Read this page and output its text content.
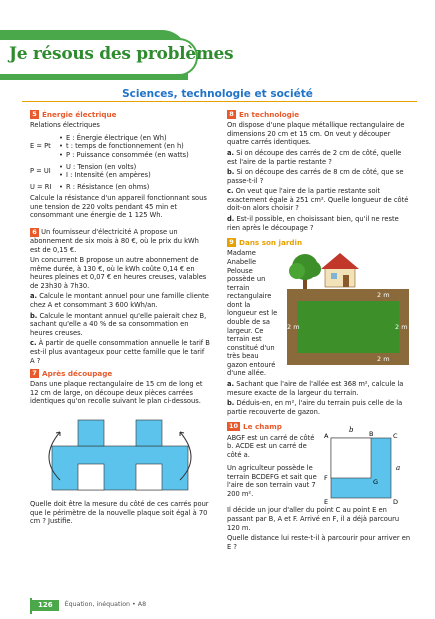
Je résous des problèmes
Sciences, technologie et société
5 Énergie électrique

Relations électriques

E = Pt
• E : Énergie électrique (en Wh)
• t : temps de fonctionnement (en h)
• P : Puissance consommée (en watts)
P = UI
• U : Tension (en volts)
• I : Intensité (en ampères)
U = RI
•	R : Résistance (en ohms)

Calcule la résistance d'un appareil fonctionnant sous une tension de 220 volts pendant 45 min et consommant une énergie de 1 125 Wh.

6 Un fournisseur d'électricité A propose un abonnement de six mois à 80 €, où le prix du kWh est de 0,15 €.

Un concurrent B propose un autre abonnement de même durée, à 130 €, où le kWh coûte 0,14 € en heures pleines et 0,07 € en heures creuses, valables de 23h30 à 7h30.

a. Calcule le montant annuel pour une famille cliente chez A et consommant 3 600 kWh/an.

b. Calcule le montant annuel qu'elle paierait chez B, sachant qu'elle a 40 % de sa consommation en heures creuses.

c. À partir de quelle consommation annuelle le tarif B est-il plus avantageux pour cette famille que le tarif A ?

7 Après découpage

Dans une plaque rectangulaire de 15 cm de long et 12 cm de large, on découpe deux pièces carrées identiques qu'on recolle suivant le plan ci-dessous.

Quelle doit être la mesure du côté de ces carrés pour que le périmètre de la nouvelle plaque soit égal à 70 cm ? Justifie.

8 En technologie

On dispose d'une plaque métallique rectangulaire de dimensions 20 cm et 15 cm. On veut y découper quatre carrés identiques.

a. Si on découpe des carrés de 2 cm de côté, quelle est l'aire de la partie restante ?

b. Si on découpe des carrés de 8 cm de côté, que se passe-t-il ?

c. On veut que l'aire de la partie restante soit exactement égale à 251 cm². Quelle longueur de côté doit-on alors choisir ?

d. Est-il possible, en choisissant bien, qu'il ne reste rien après le découpage ?

9 Dans son jardin

Madame Anabelle Pelouse possède un terrain rectangulaire dont la longueur est le double de sa largeur. Ce terrain est constitué d'un très beau gazon entouré d'une allée.

2 m
2 m	2 m
2 m

a. Sachant que l'aire de l'allée est 368 m², calcule la mesure exacte de la largeur du terrain.

b. Déduis-en, en m², l'aire du terrain puis celle de la partie recouverte de gazon.

10 Le champ

ABGF est un carré de côté b. ACDE est un carré de côté a.

Un agriculteur possède le terrain BCDEFG et sait que l'aire de son terrain vaut 7 200 m².

A	B	C
D
E
F	G
b
a

Il décide un jour d'aller du point C au point E en passant par B, A et F. Arrivé en F, il a déjà parcouru 120 m.

Quelle distance lui reste-t-il à parcourir pour arriver en E ?

126	Équation, inéquation • A8
